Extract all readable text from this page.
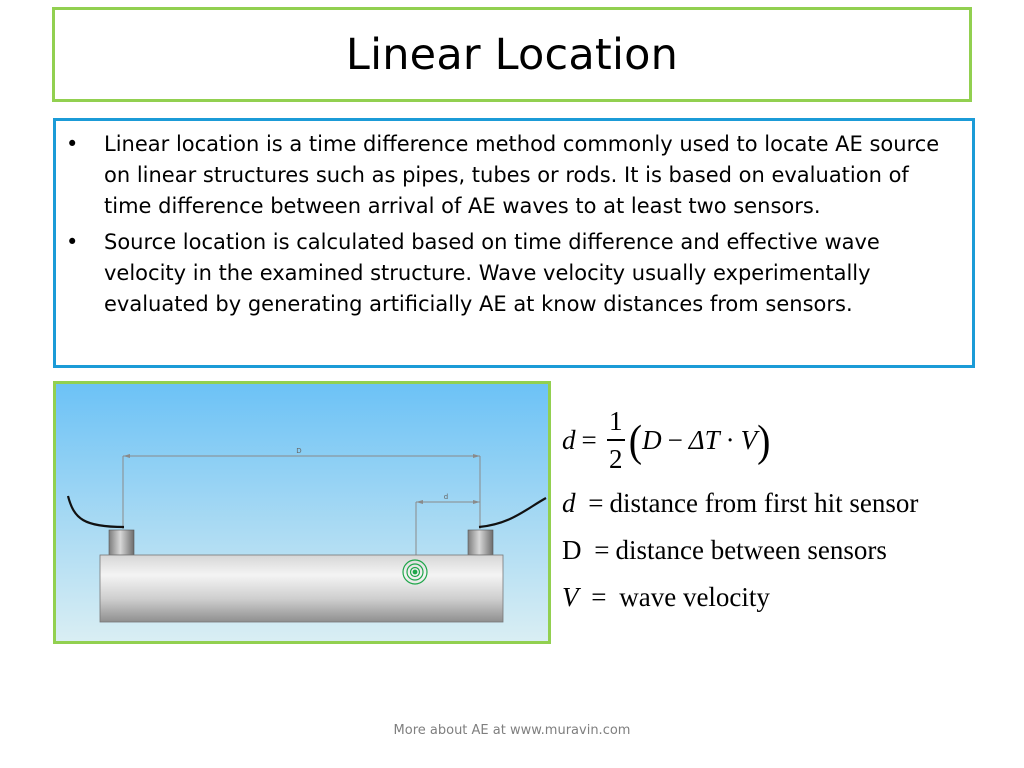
Linear Location
• Linear location is a time difference method commonly used to locate AE source on linear structures such as pipes, tubes or rods. It is based on evaluation of time difference between arrival of AE waves to at least two sensors.
• Source location is calculated based on time difference and effective wave velocity in the examined structure. Wave velocity usually experimentally evaluated by generating artificially AE at know distances from sensors.
D
d
$d = \frac{1}{2}$ ( D − ΔT · V )
d = distance from first hit sensor
D = distance between sensors
V = wave velocity
More about AE at www.muravin.com
